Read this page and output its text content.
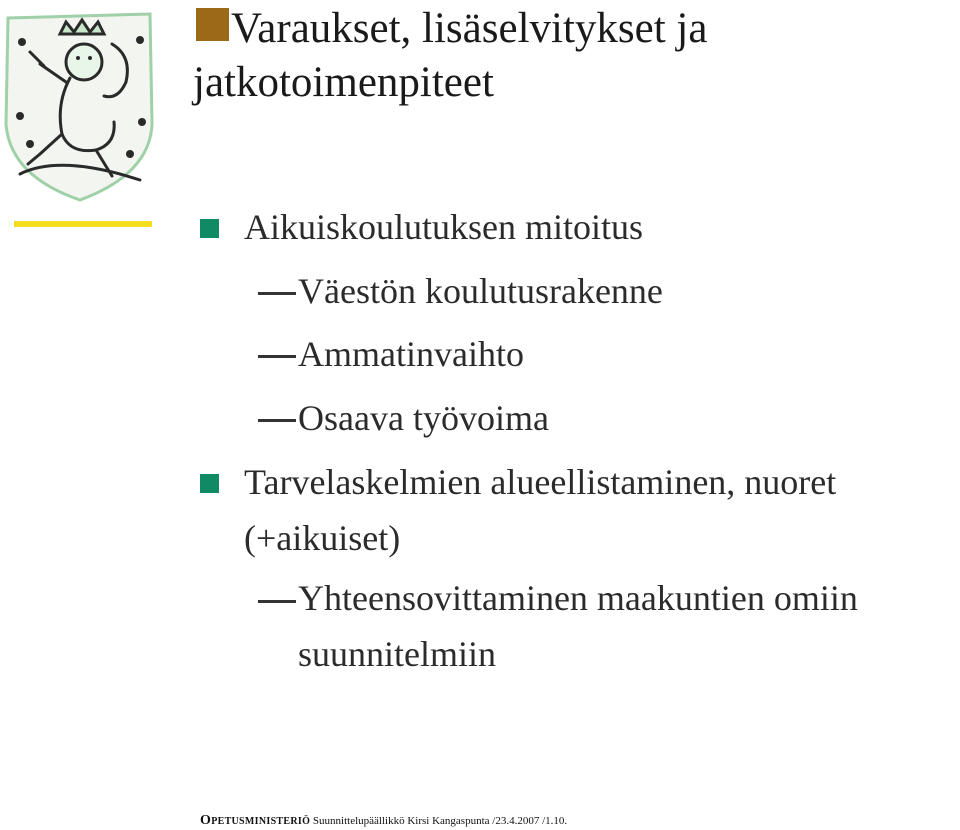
Varaukset, lisäselvitykset ja jatkotoimenpiteet
Aikuiskoulutuksen mitoitus
Väestön koulutusrakenne
Ammatinvaihto
Osaava työvoima
Tarvelaskelmien alueellistaminen, nuoret (+aikuiset)
Yhteensovittaminen maakuntien omiin suunnitelmiin
Opetusministeriö Suunnittelupäällikkö Kirsi Kangaspunta /23.4.2007 /1.10.
